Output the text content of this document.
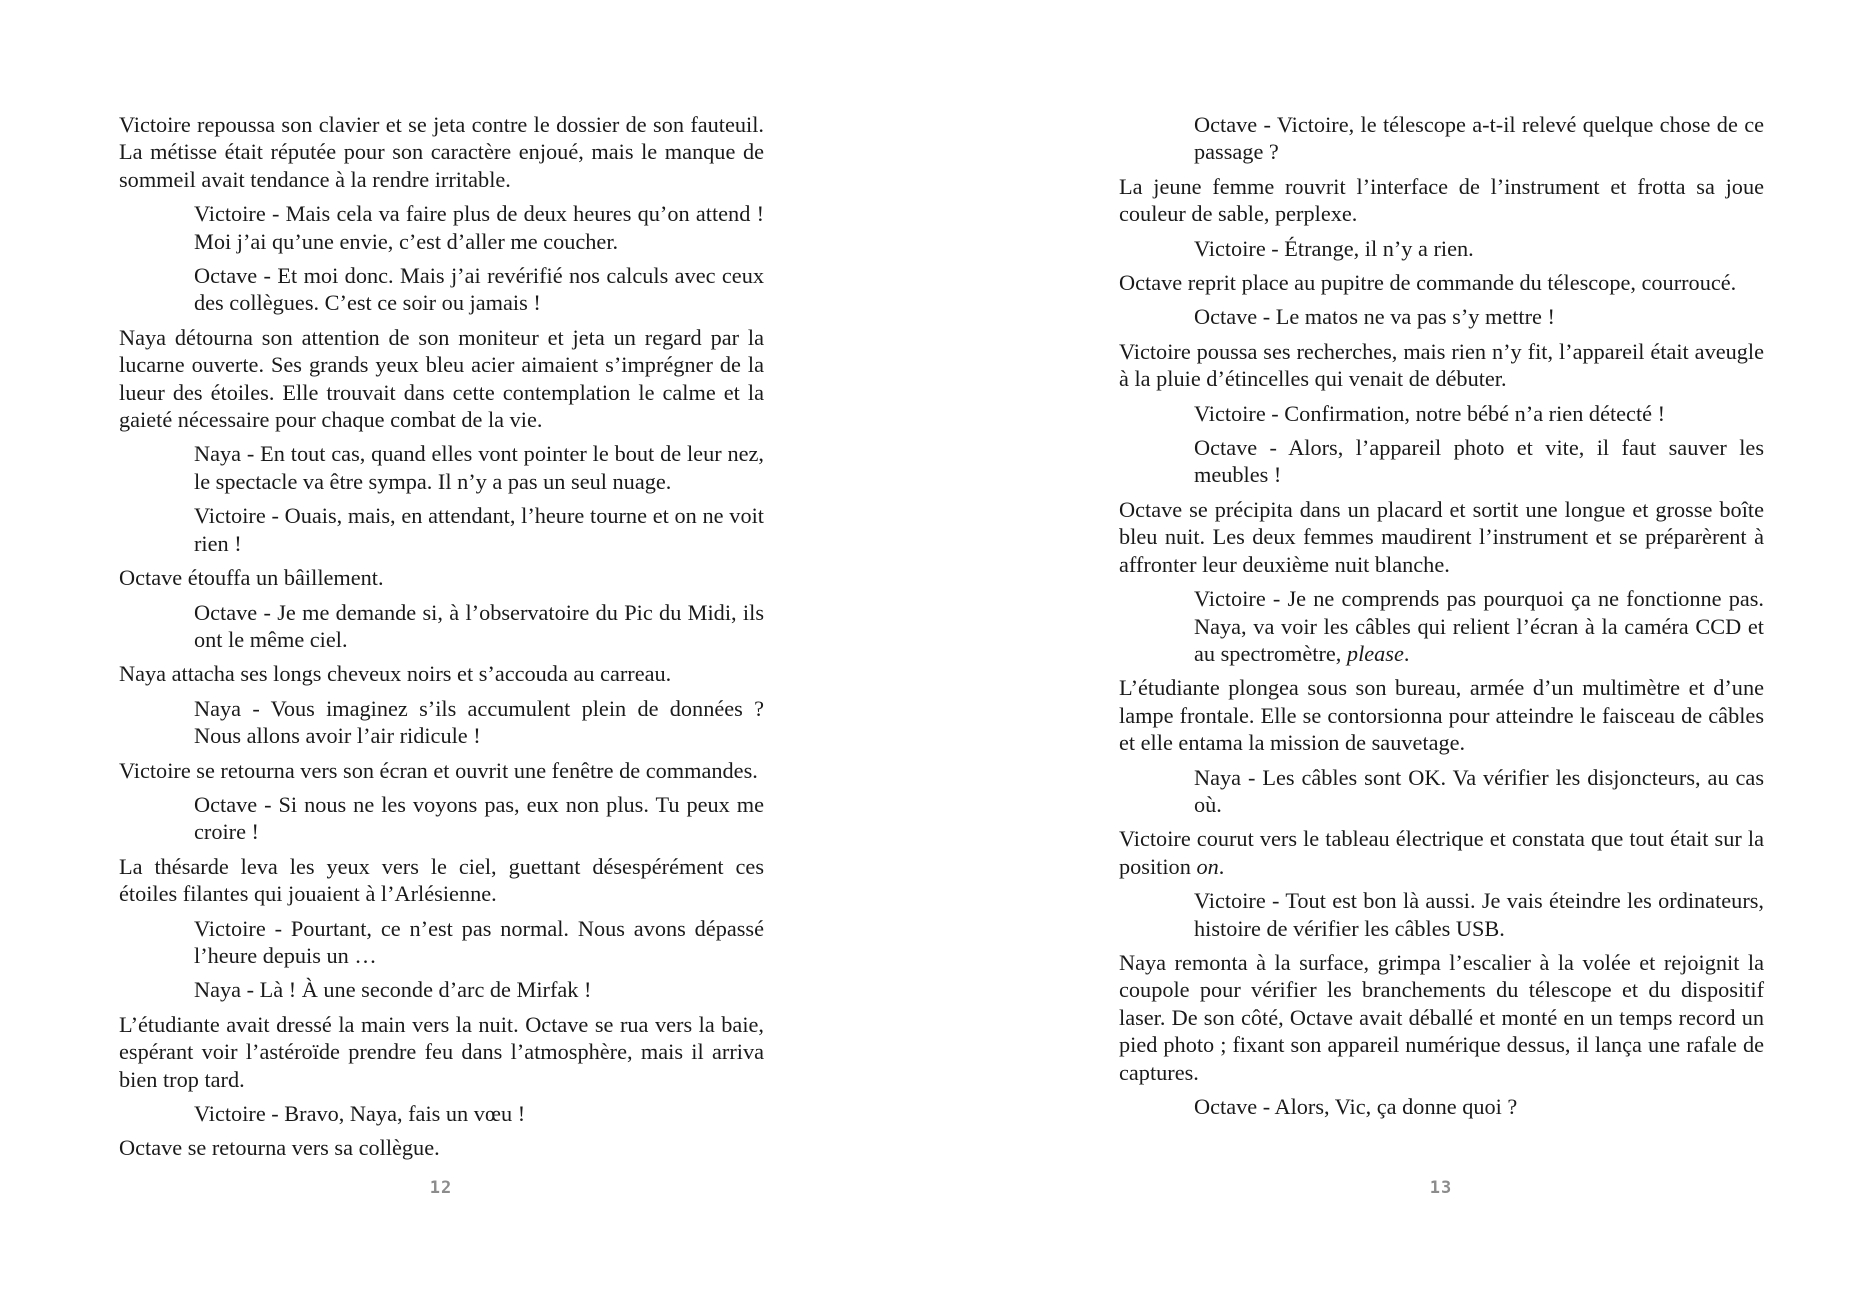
Victoire repoussa son clavier et se jeta contre le dossier de son fauteuil. La métisse était réputée pour son caractère enjoué, mais le manque de sommeil avait tendance à la rendre irritable.

Victoire - Mais cela va faire plus de deux heures qu’on attend ! Moi j’ai qu’une envie, c’est d’aller me coucher.

Octave - Et moi donc. Mais j’ai revérifié nos calculs avec ceux des collègues. C’est ce soir ou jamais !

Naya détourna son attention de son moniteur et jeta un regard par la lucarne ouverte. Ses grands yeux bleu acier aimaient s’imprégner de la lueur des étoiles. Elle trouvait dans cette contemplation le calme et la gaieté nécessaire pour chaque combat de la vie.

Naya - En tout cas, quand elles vont pointer le bout de leur nez, le spectacle va être sympa. Il n’y a pas un seul nuage.

Victoire - Ouais, mais, en attendant, l’heure tourne et on ne voit rien !

Octave étouffa un bâillement.

Octave - Je me demande si, à l’observatoire du Pic du Midi, ils ont le même ciel.

Naya attacha ses longs cheveux noirs et s’accouda au carreau.

Naya - Vous imaginez s’ils accumulent plein de données ? Nous allons avoir l’air ridicule !

Victoire se retourna vers son écran et ouvrit une fenêtre de commandes.

Octave - Si nous ne les voyons pas, eux non plus. Tu peux me croire !

La thésarde leva les yeux vers le ciel, guettant désespérément ces étoiles filantes qui jouaient à l’Arlésienne.

Victoire - Pourtant, ce n’est pas normal. Nous avons dépassé l’heure depuis un …

Naya - Là ! À une seconde d’arc de Mirfak !

L’étudiante avait dressé la main vers la nuit. Octave se rua vers la baie, espérant voir l’astéroïde prendre feu dans l’atmosphère, mais il arriva bien trop tard.

Victoire - Bravo, Naya, fais un vœu !

Octave se retourna vers sa collègue.

12

Octave - Victoire, le télescope a-t-il relevé quelque chose de ce passage ?

La jeune femme rouvrit l’interface de l’instrument et frotta sa joue couleur de sable, perplexe.

Victoire - Étrange, il n’y a rien.

Octave reprit place au pupitre de commande du télescope, courroucé.

Octave - Le matos ne va pas s’y mettre !

Victoire poussa ses recherches, mais rien n’y fit, l’appareil était aveugle à la pluie d’étincelles qui venait de débuter.

Victoire - Confirmation, notre bébé n’a rien détecté !

Octave - Alors, l’appareil photo et vite, il faut sauver les meubles !

Octave se précipita dans un placard et sortit une longue et grosse boîte bleu nuit. Les deux femmes maudirent l’instrument et se préparèrent à affronter leur deuxième nuit blanche.

Victoire - Je ne comprends pas pourquoi ça ne fonctionne pas. Naya, va voir les câbles qui relient l’écran à la caméra CCD et au spectromètre, please.

L’étudiante plongea sous son bureau, armée d’un multimètre et d’une lampe frontale. Elle se contorsionna pour atteindre le faisceau de câbles et elle entama la mission de sauvetage.

Naya - Les câbles sont OK. Va vérifier les disjoncteurs, au cas où.

Victoire courut vers le tableau électrique et constata que tout était sur la position on.

Victoire - Tout est bon là aussi. Je vais éteindre les ordinateurs, histoire de vérifier les câbles USB.

Naya remonta à la surface, grimpa l’escalier à la volée et rejoignit la coupole pour vérifier les branchements du télescope et du dispositif laser. De son côté, Octave avait déballé et monté en un temps record un pied photo ; fixant son appareil numérique dessus, il lança une rafale de captures.

Octave - Alors, Vic, ça donne quoi ?

13
